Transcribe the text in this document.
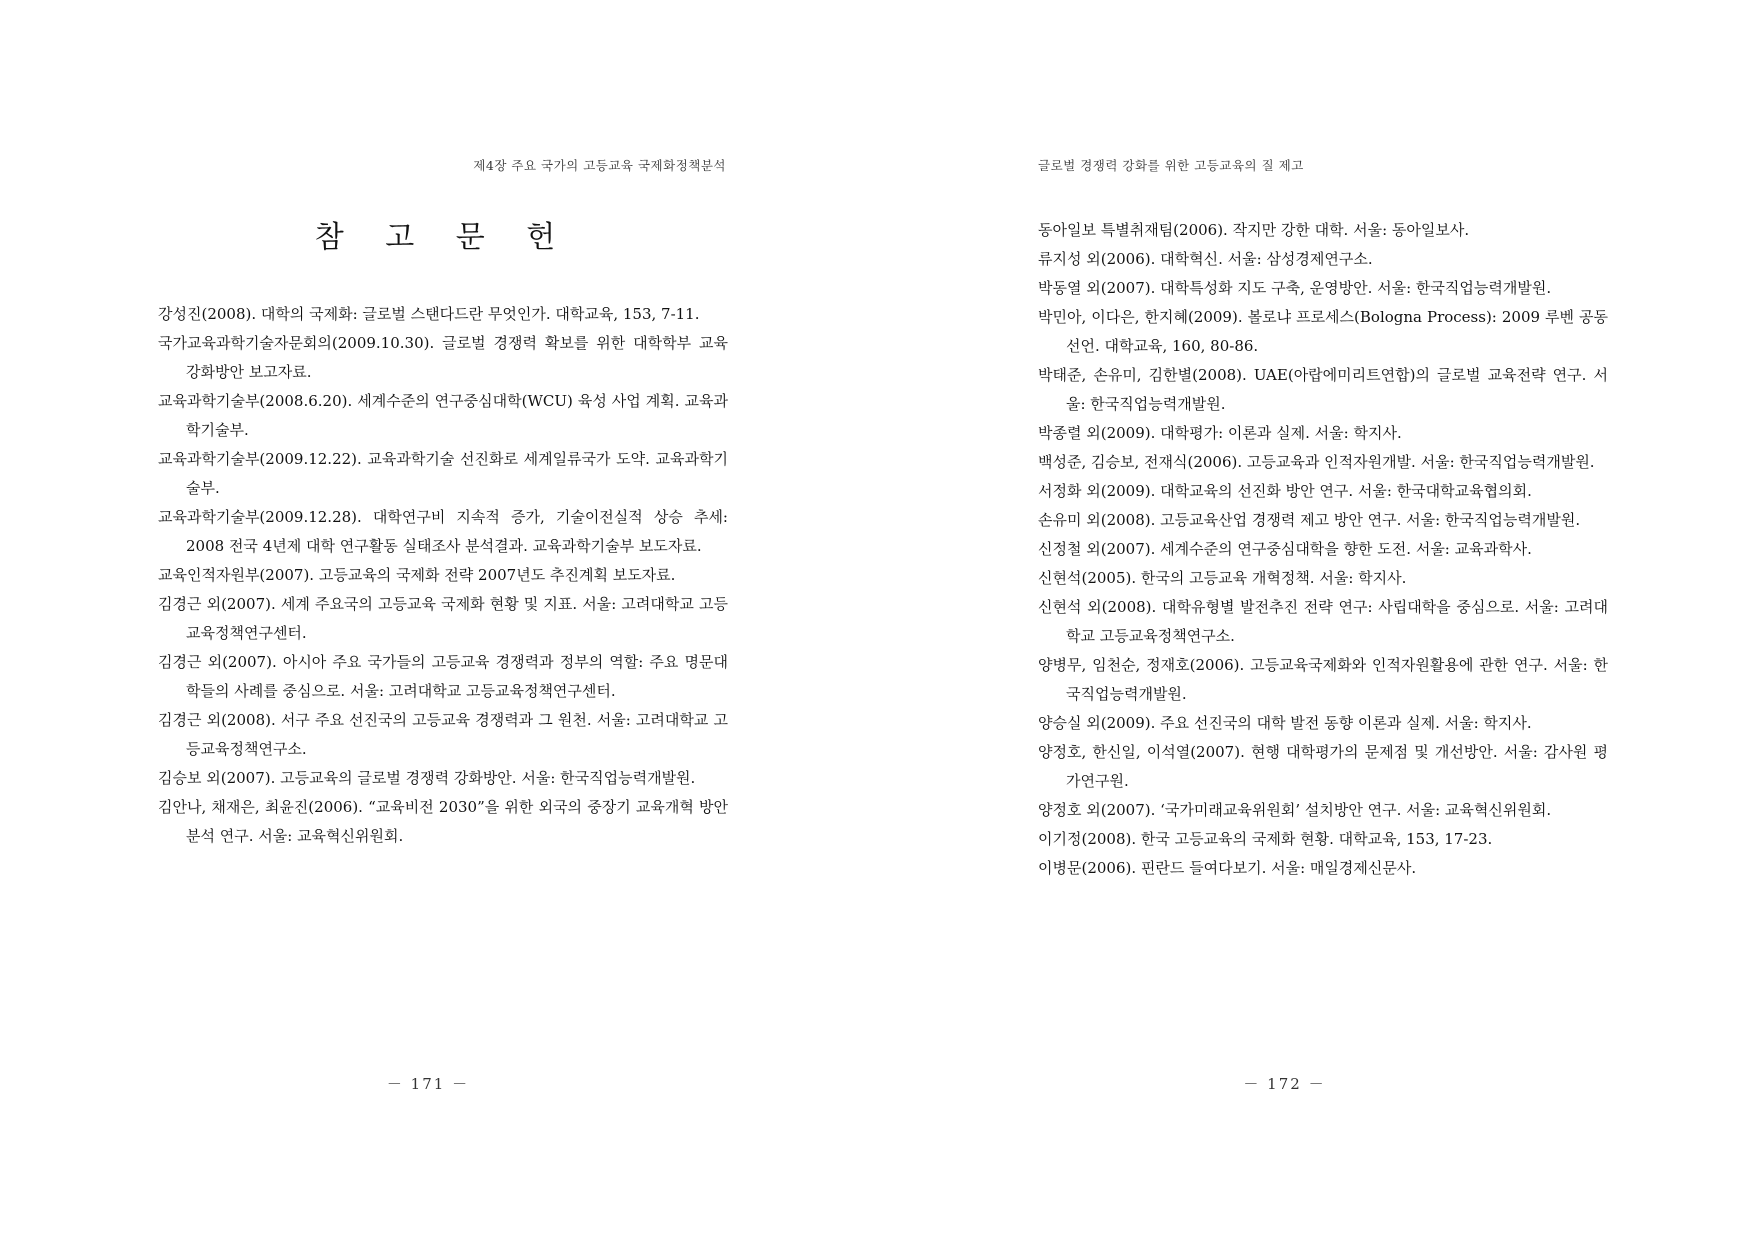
제4장 주요 국가의 고등교육 국제화정책분석
참 고 문 헌
강성진(2008). 대학의 국제화: 글로벌 스탠다드란 무엇인가. 대학교육, 153, 7-11.
국가교육과학기술자문회의(2009.10.30). 글로벌 경쟁력 확보를 위한 대학학부 교육 강화방안 보고자료.
교육과학기술부(2008.6.20). 세계수준의 연구중심대학(WCU) 육성 사업 계획. 교육과학기술부.
교육과학기술부(2009.12.22). 교육과학기술 선진화로 세계일류국가 도약. 교육과학기술부.
교육과학기술부(2009.12.28). 대학연구비 지속적 증가, 기술이전실적 상승 추세: 2008 전국 4년제 대학 연구활동 실태조사 분석결과. 교육과학기술부 보도자료.
교육인적자원부(2007). 고등교육의 국제화 전략 2007년도 추진계획 보도자료.
김경근 외(2007). 세계 주요국의 고등교육 국제화 현황 및 지표. 서울: 고려대학교 고등교육정책연구센터.
김경근 외(2007). 아시아 주요 국가들의 고등교육 경쟁력과 정부의 역할: 주요 명문대학들의 사례를 중심으로. 서울: 고려대학교 고등교육정책연구센터.
김경근 외(2008). 서구 주요 선진국의 고등교육 경쟁력과 그 원천. 서울: 고려대학교 고등교육정책연구소.
김승보 외(2007). 고등교육의 글로벌 경쟁력 강화방안. 서울: 한국직업능력개발원.
김안나, 채재은, 최윤진(2006). “교육비전 2030”을 위한 외국의 중장기 교육개혁 방안 분석 연구. 서울: 교육혁신위원회.
－ 171 －
글로벌 경쟁력 강화를 위한 고등교육의 질 제고
동아일보 특별취재팀(2006). 작지만 강한 대학. 서울: 동아일보사.
류지성 외(2006). 대학혁신. 서울: 삼성경제연구소.
박동열 외(2007). 대학특성화 지도 구축, 운영방안. 서울: 한국직업능력개발원.
박민아, 이다은, 한지혜(2009). 볼로냐 프로세스(Bologna Process): 2009 루벤 공동선언. 대학교육, 160, 80-86.
박태준, 손유미, 김한별(2008). UAE(아랍에미리트연합)의 글로벌 교육전략 연구. 서울: 한국직업능력개발원.
박종렬 외(2009). 대학평가: 이론과 실제. 서울: 학지사.
백성준, 김승보, 전재식(2006). 고등교육과 인적자원개발. 서울: 한국직업능력개발원.
서정화 외(2009). 대학교육의 선진화 방안 연구. 서울: 한국대학교육협의회.
손유미 외(2008). 고등교육산업 경쟁력 제고 방안 연구. 서울: 한국직업능력개발원.
신정철 외(2007). 세계수준의 연구중심대학을 향한 도전. 서울: 교육과학사.
신현석(2005). 한국의 고등교육 개혁정책. 서울: 학지사.
신현석 외(2008). 대학유형별 발전추진 전략 연구: 사립대학을 중심으로. 서울: 고려대학교 고등교육정책연구소.
양병무, 임천순, 정재호(2006). 고등교육국제화와 인적자원활용에 관한 연구. 서울: 한국직업능력개발원.
양승실 외(2009). 주요 선진국의 대학 발전 동향 이론과 실제. 서울: 학지사.
양정호, 한신일, 이석열(2007). 현행 대학평가의 문제점 및 개선방안. 서울: 감사원 평가연구원.
양정호 외(2007). ‘국가미래교육위원회’ 설치방안 연구. 서울: 교육혁신위원회.
이기정(2008). 한국 고등교육의 국제화 현황. 대학교육, 153, 17-23.
이병문(2006). 핀란드 들여다보기. 서울: 매일경제신문사.
－ 172 －
